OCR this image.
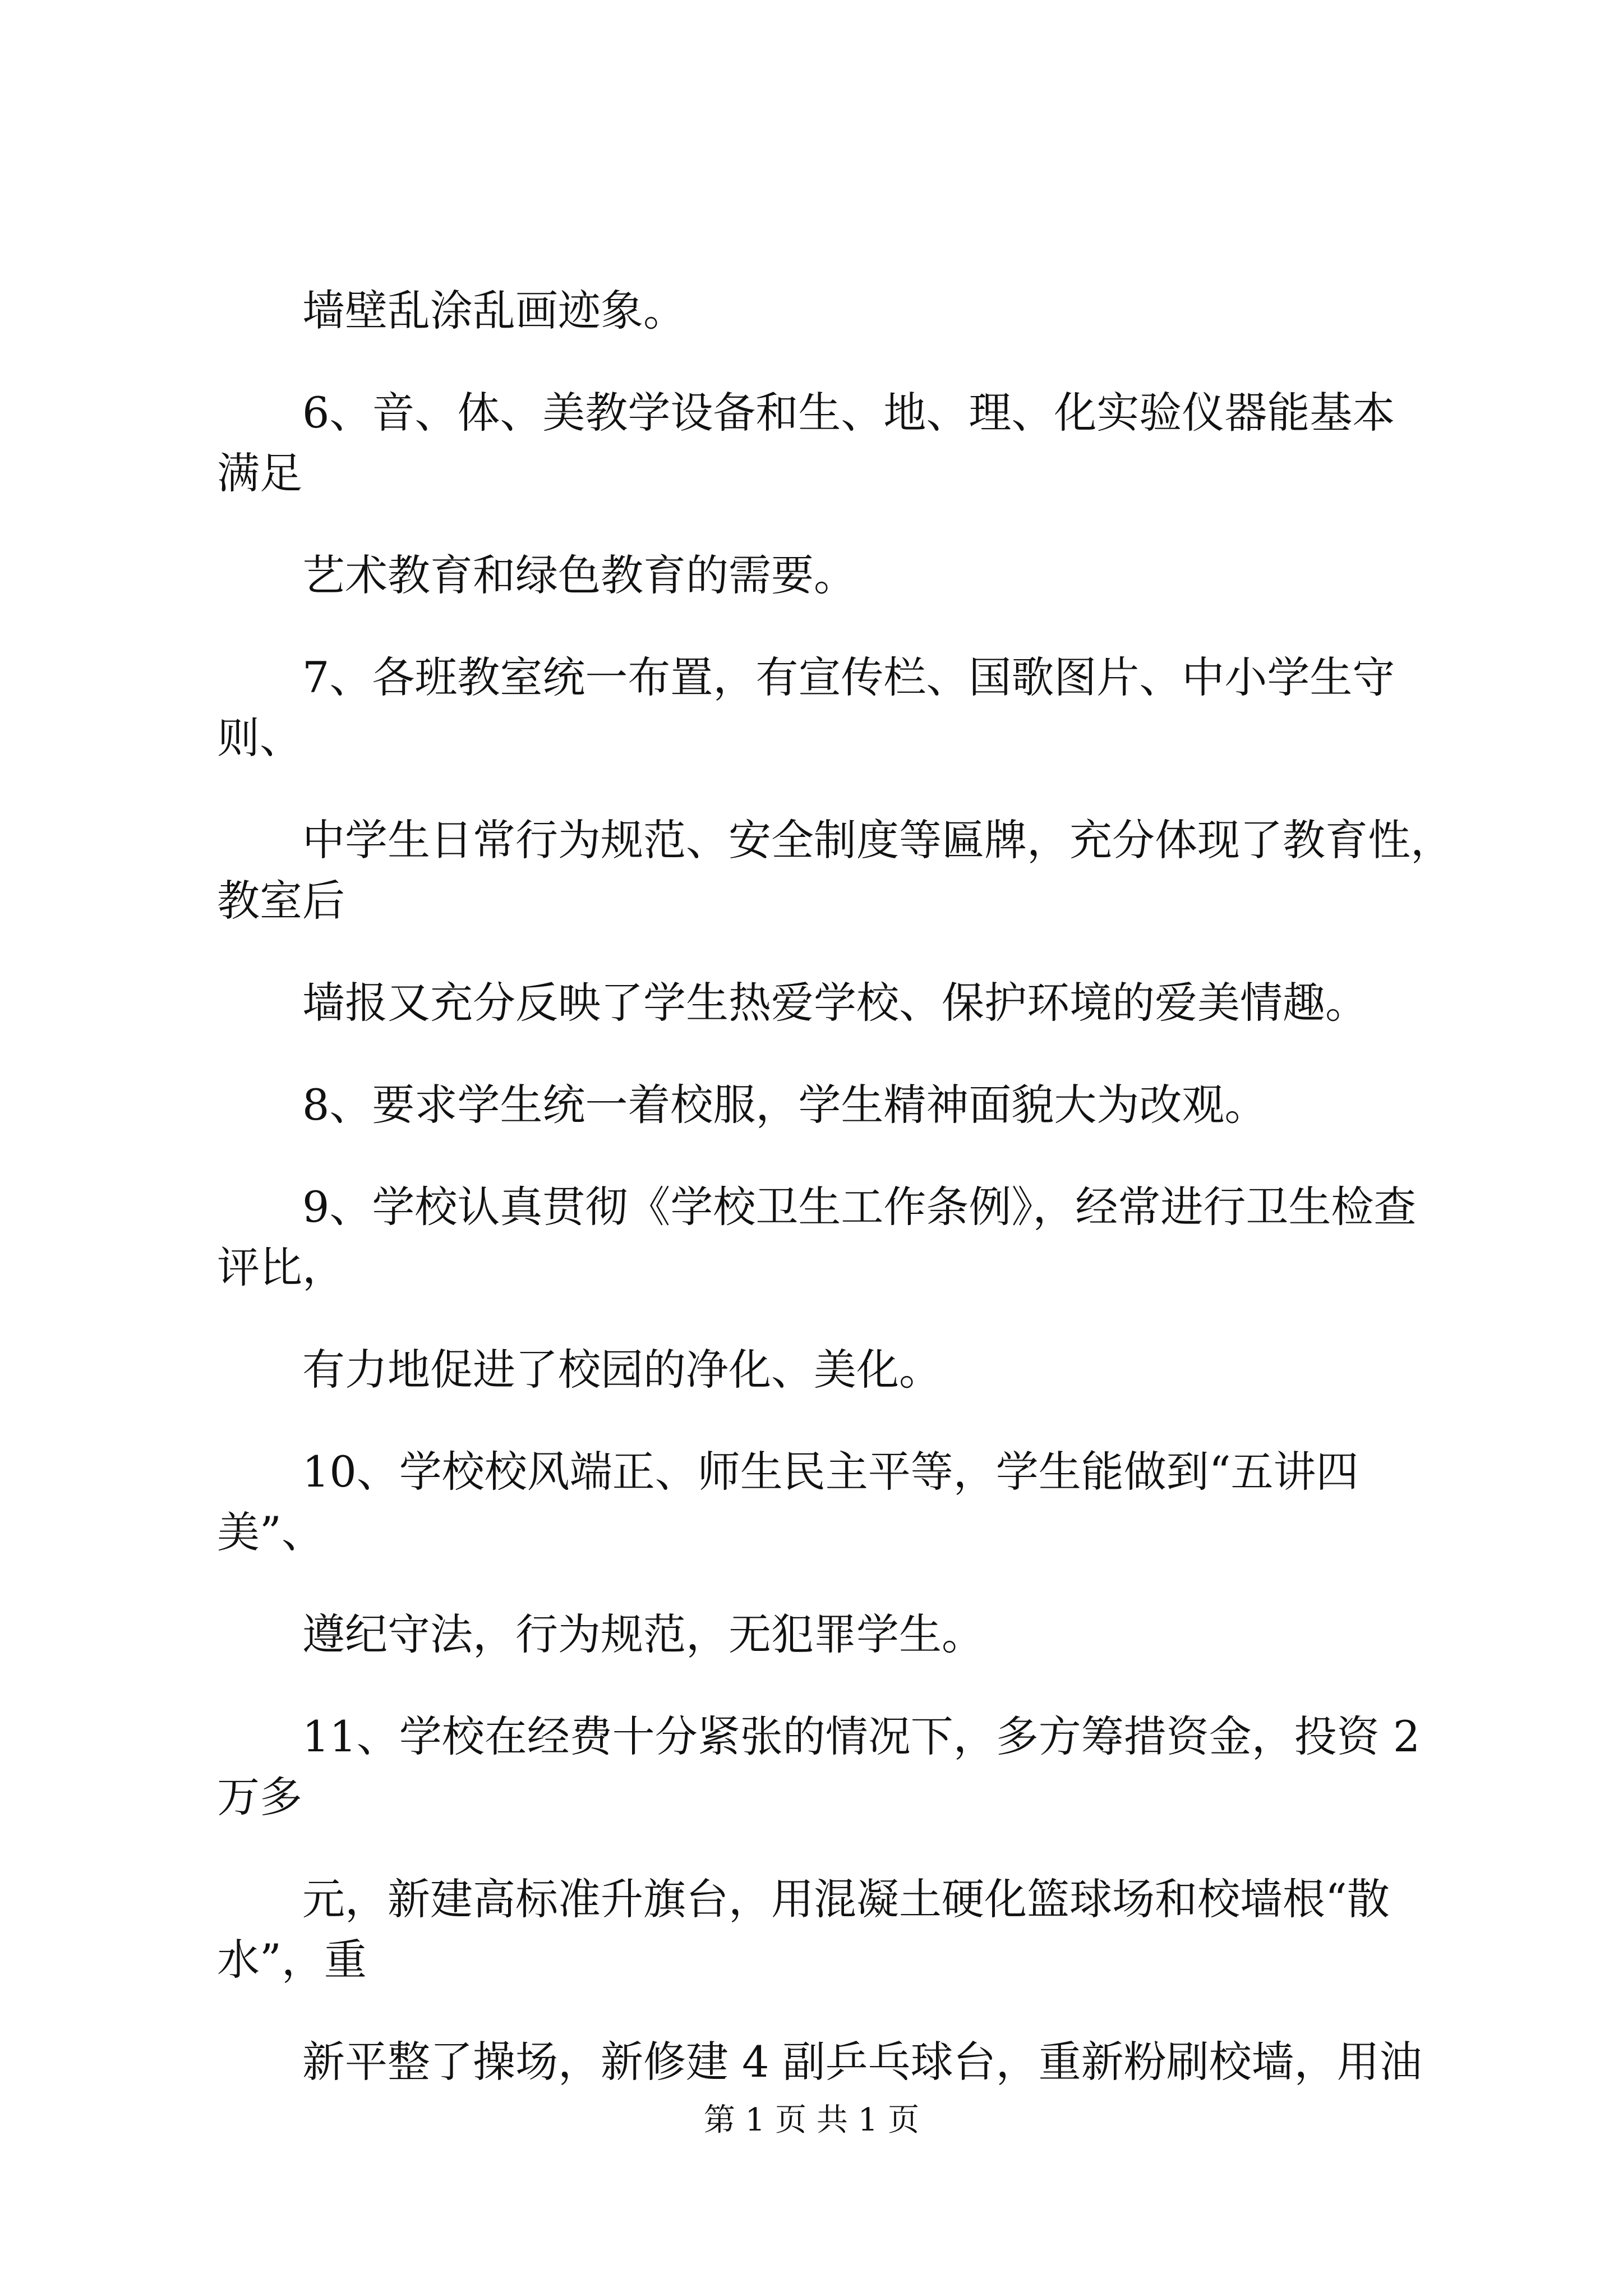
墙壁乱涂乱画迹象。
6、音、体、美教学设备和生、地、理、化实验仪器能基本
满足
艺术教育和绿色教育的需要。
7、各班教室统一布置，有宣传栏、国歌图片、中小学生守
则、
中学生日常行为规范、安全制度等匾牌，充分体现了教育性，
教室后
墙报又充分反映了学生热爱学校、保护环境的爱美情趣。
8、要求学生统一着校服，学生精神面貌大为改观。
9、学校认真贯彻《学校卫生工作条例》，经常进行卫生检查
评比，
有力地促进了校园的净化、美化。
10、学校校风端正、师生民主平等，学生能做到“五讲四
美”、
遵纪守法，行为规范，无犯罪学生。
11、学校在经费十分紧张的情况下，多方筹措资金，投资 2
万多
元，新建高标准升旗台，用混凝土硬化篮球场和校墙根“散
水”，重
新平整了操场，新修建 4 副乒乓球台，重新粉刷校墙，用油
第 1 页 共 1 页
